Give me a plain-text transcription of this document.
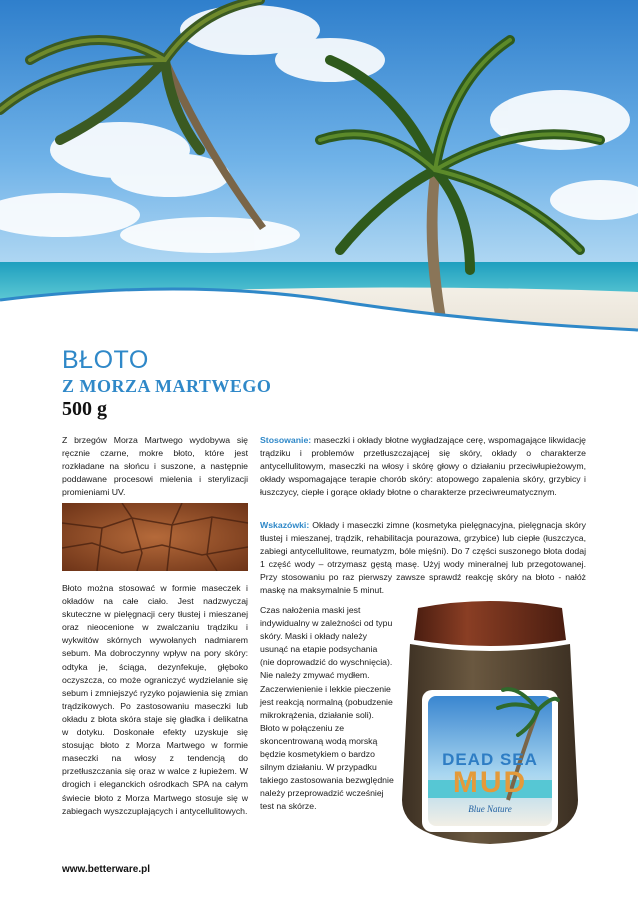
BŁOTO
Z MORZA MARTWEGO
500 g
Z brzegów Morza Martwego wydobywa się ręcznie czarne, mokre błoto, które jest rozkładane na słońcu i suszone, a następnie poddawane procesowi mielenia i sterylizacji promieniami UV.
Błoto można stosować w formie maseczek i okładów na całe ciało. Jest nadzwyczaj skuteczne w pielęgnacji cery tłustej i mieszanej oraz nieocenione w zwalczaniu trądziku i wykwitów skórnych wywołanych nadmiarem sebum. Ma dobroczynny wpływ na pory skóry: odtyka je, ściąga, dezynfekuje, głęboko oczyszcza, co może ograniczyć wydzielanie się sebum i zmniejszyć ryzyko pojawienia się zmian trądzikowych. Po zastosowaniu maseczki lub okładu z błota skóra staje się gładka i delikatna w dotyku. Doskonałe efekty uzyskuje się stosując błoto z Morza Martwego w formie maseczki na włosy z tendencją do przetłuszczania się oraz w walce z łupieżem. W drogich i eleganckich ośrodkach SPA na całym świecie błoto z Morza Martwego stosuje się w zabiegach wyszczuplających i antycellulitowych.
Stosowanie: maseczki i okłady błotne wygładzające cerę, wspomagające likwidację trądziku i problemów przetłuszczającej się skóry, okłady o charakterze antycellulitowym, maseczki na włosy i skórę głowy o działaniu przeciwłupieżowym, okłady wspomagające terapie chorób skóry: atopowego zapalenia skóry, grzybicy i łuszczycy, ciepłe i gorące okłady błotne o charakterze przeciwreumatycznym.
Wskazówki: Okłady i maseczki zimne (kosmetyka pielęgnacyjna, pielęgnacja skóry tłustej i mieszanej, trądzik, rehabilitacja pourazowa, grzybice) lub ciepłe (łuszczyca, zabiegi antycellulitowe, reumatyzm, bóle mięśni). Do 7 części suszonego błota dodaj 1 część wody – otrzymasz gęstą masę. Użyj wody mineralnej lub przegotowanej. Przy stosowaniu po raz pierwszy zawsze sprawdź reakcję skóry na błoto - nałóż maskę na maksymalnie 5 minut.
Czas nałożenia maski jest indywidualny w zależności od typu skóry. Maski i okłady należy usunąć na etapie podsychania (nie doprowadzić do wyschnięcia). Nie należy zmywać mydłem. Zaczerwienienie i lekkie pieczenie jest reakcją normalną (pobudzenie mikrokrążenia, działanie soli). Błoto w połączeniu ze skoncentrowaną wodą morską będzie kosmetykiem o bardzo silnym działaniu. W przypadku takiego zastosowania bezwględnie należy przeprowadzić wcześniej test na skórze.
DEAD SEA
MUD
Blue Nature
www.betterware.pl
